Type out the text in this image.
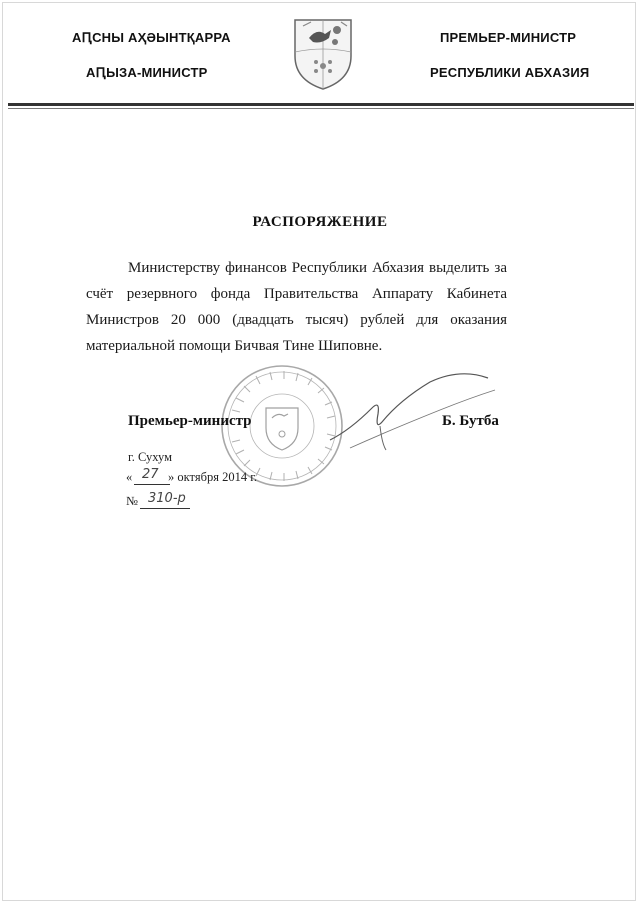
АԤСНЫ АҲӘЫНТҚАРРА
АԤЫЗА-МИНИСТР
ПРЕМЬЕР-МИНИСТР
РЕСПУБЛИКИ АБХАЗИЯ
РАСПОРЯЖЕНИЕ
Министерству финансов Республики Абхазия выделить за счёт резервного фонда Правительства Аппарату Кабинета Министров 20 000 (двадцать тысяч) рублей для оказания материальной помощи Бичвая Тине Шиповне.
Премьер-министр	Б. Бутба
г. Сухум
« 27 » октября 2014 г.
№ 310-р
